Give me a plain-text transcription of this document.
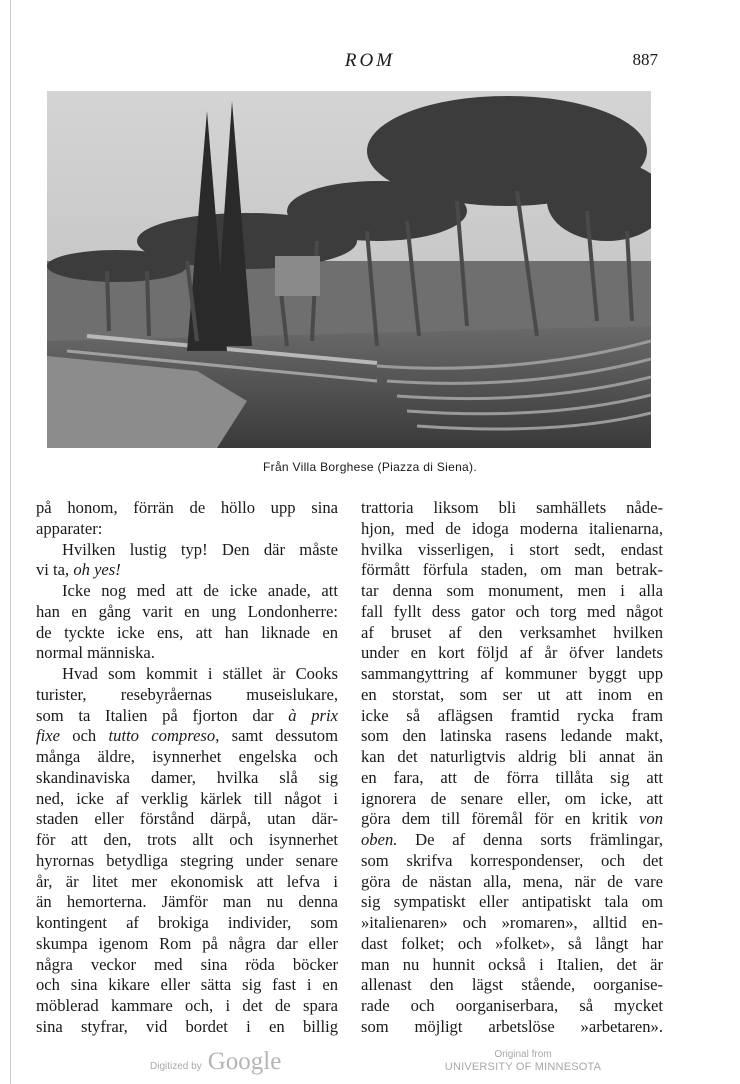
ROM	887
Från Villa Borghese (Piazza di Siena).
på honom, förrän de höllo upp sina
apparater:
Hvilken lustig typ! Den där måste
vi ta, oh yes!
Icke nog med att de icke anade, att
han en gång varit en ung Londonherre:
de tyckte icke ens, att han liknade en
normal människa.
Hvad som kommit i stället är Cooks
turister, resebyråernas museislukare,
som ta Italien på fjorton dar à prix
fixe och tutto compreso, samt dessutom
många äldre, isynnerhet engelska och
skandinaviska damer, hvilka slå sig
ned, icke af verklig kärlek till något i
staden eller förstånd därpå, utan där-
för att den, trots allt och isynnerhet
hyrornas betydliga stegring under senare
år, är litet mer ekonomisk att lefva i
än hemorterna. Jämför man nu denna
kontingent af brokiga individer, som
skumpa igenom Rom på några dar eller
några veckor med sina röda böcker
och sina kikare eller sätta sig fast i en
möblerad kammare och, i det de spara
sina styfrar, vid bordet i en billig
trattoria liksom bli samhällets nåde-
hjon, med de idoga moderna italienarna,
hvilka visserligen, i stort sedt, endast
förmått förfula staden, om man betrak-
tar denna som monument, men i alla
fall fyllt dess gator och torg med något
af bruset af den verksamhet hvilken
under en kort följd af år öfver landets
sammangyttring af kommuner byggt upp
en storstat, som ser ut att inom en
icke så aflägsen framtid rycka fram
som den latinska rasens ledande makt,
kan det naturligtvis aldrig bli annat än
en fara, att de förra tillåta sig att
ignorera de senare eller, om icke, att
göra dem till föremål för en kritik von
oben. De af denna sorts främlingar,
som skrifva korrespondenser, och det
göra de nästan alla, mena, när de vare
sig sympatiskt eller antipatiskt tala om
»italienaren» och »romaren», alltid en-
dast folket; och »folket», så långt har
man nu hunnit också i Italien, det är
allenast den lägst stående, oorganise-
rade och oorganiserbara, så mycket
som möjligt arbetslöse »arbetaren».
Digitized by Google	Original from
UNIVERSITY OF MINNESOTA
